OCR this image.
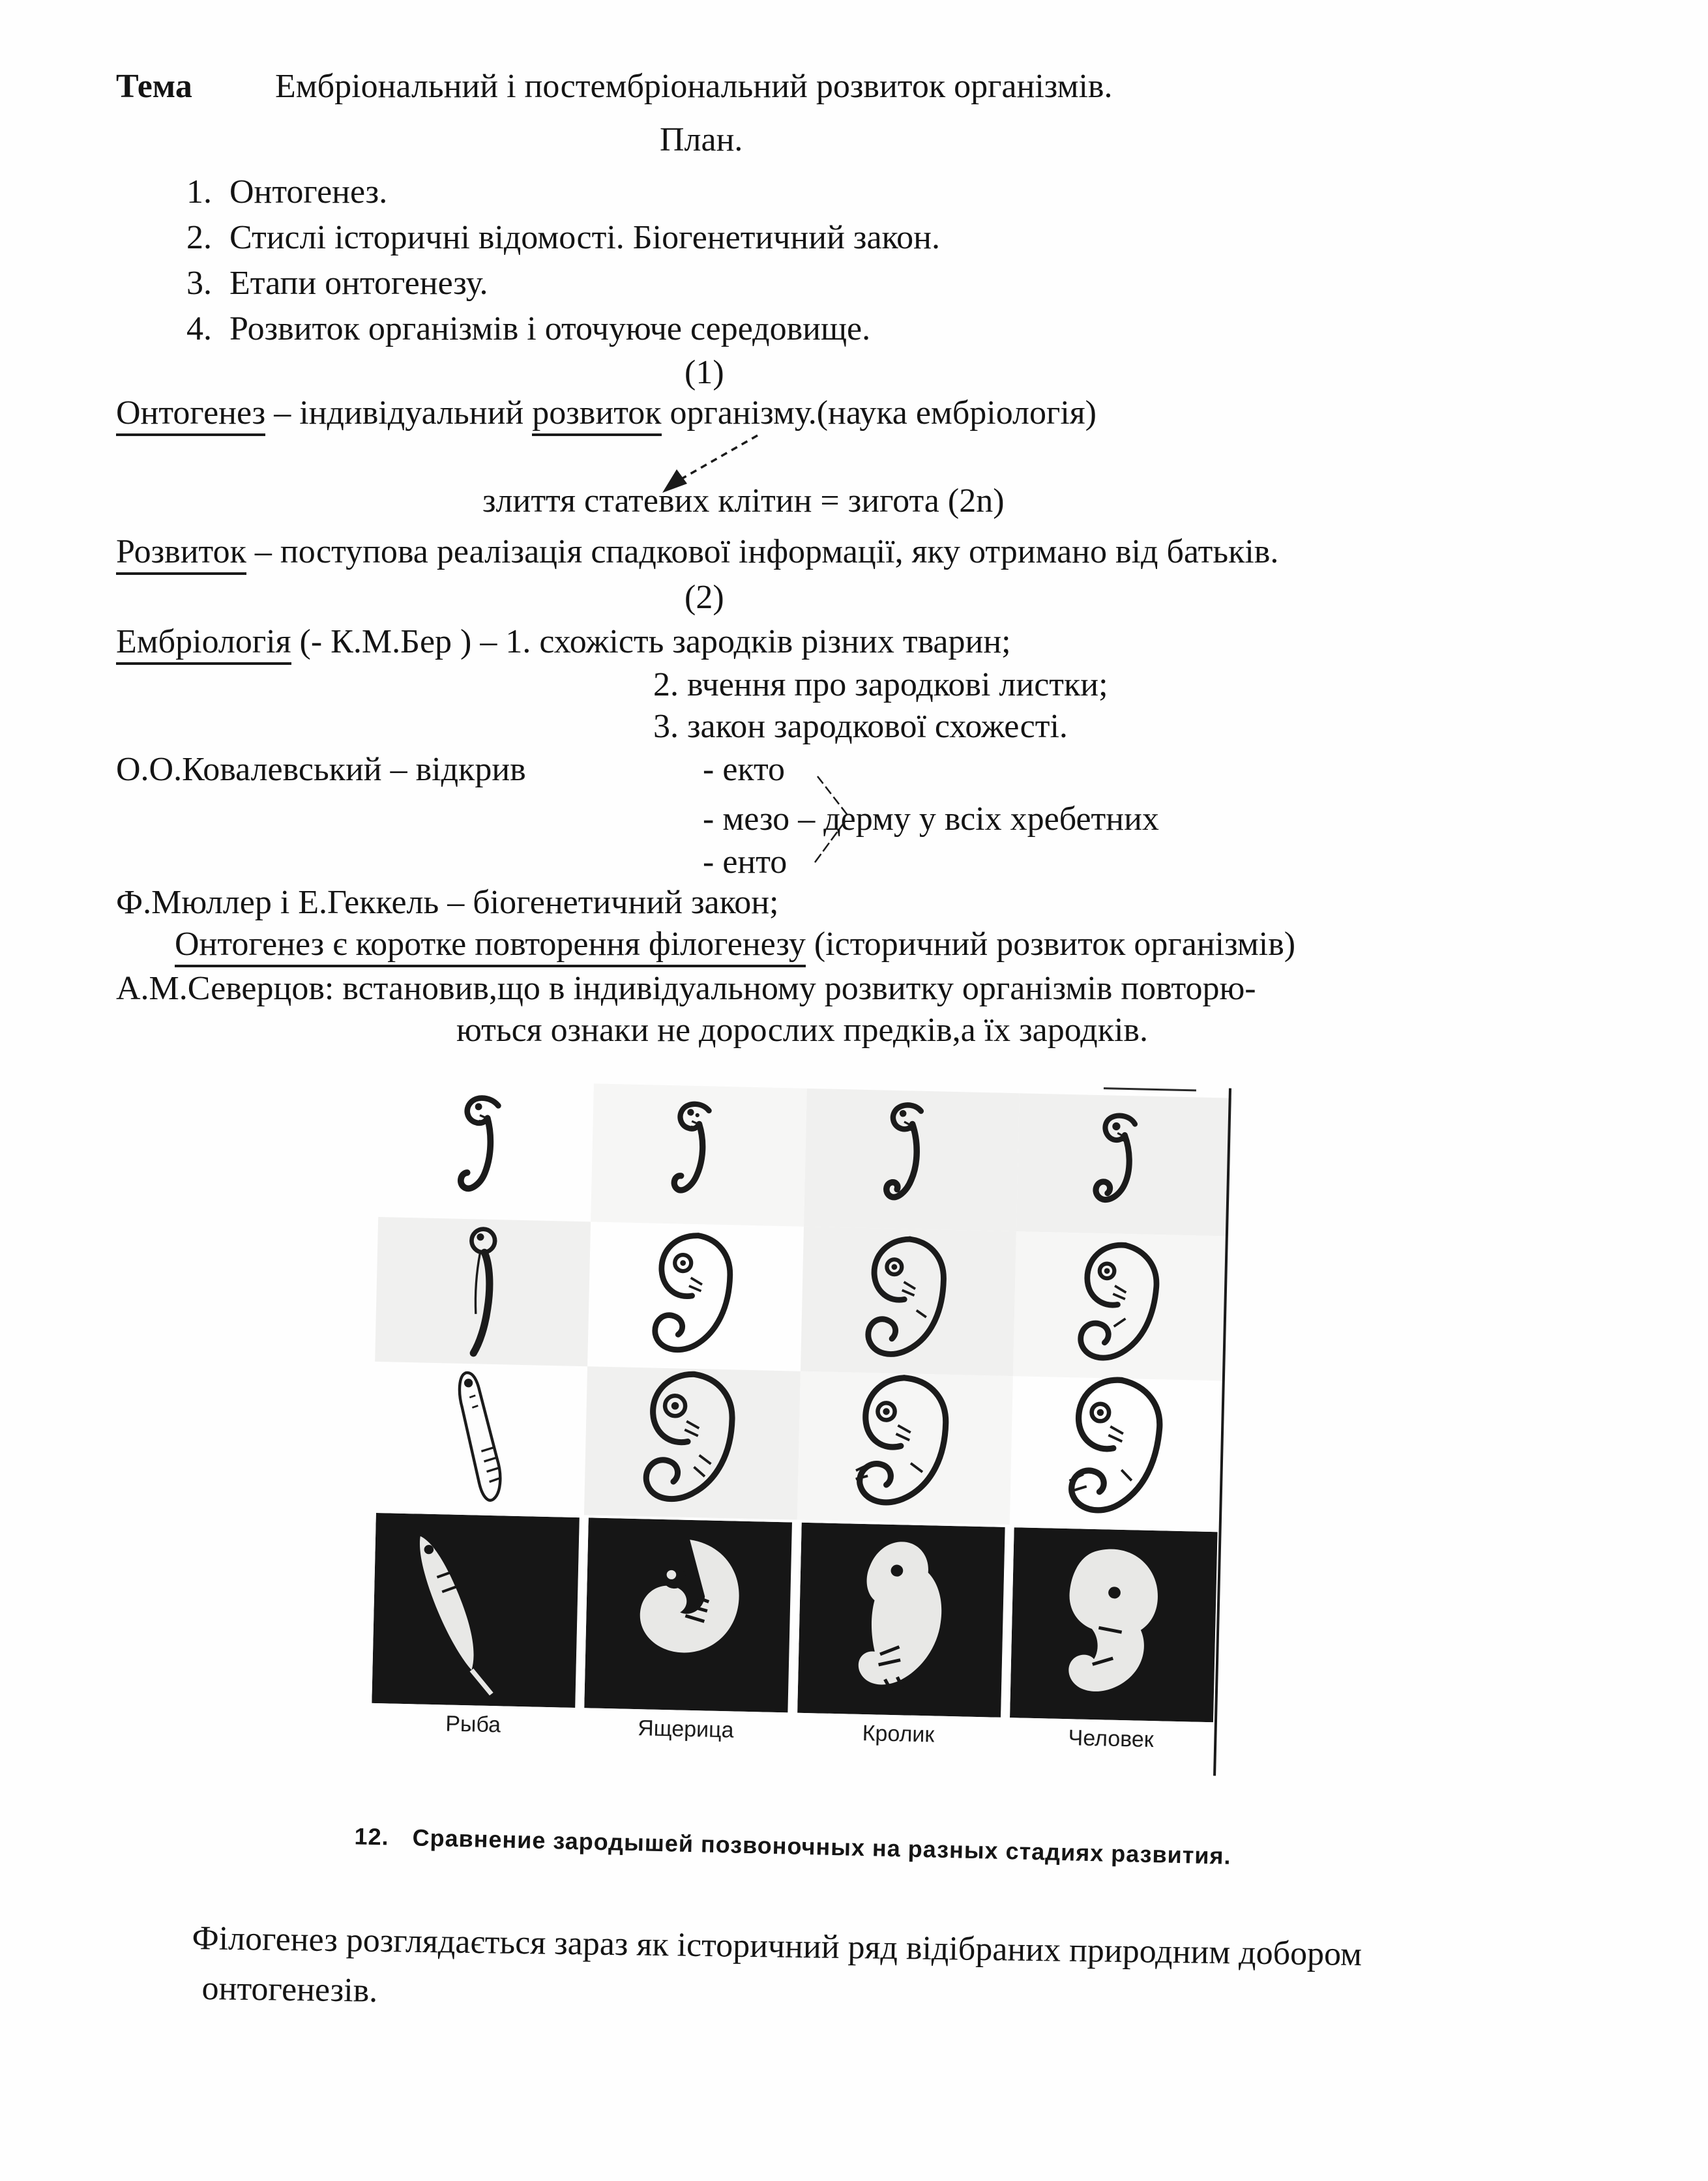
Тема Ембріональний і постембріональний розвиток організмів.
План.
1. Онтогенез.
2. Стислі історичні відомості. Біогенетичний закон.
3. Етапи онтогенезу.
4. Розвиток організмів і оточуюче середовище.
(1)
Онтогенез – індивідуальний розвиток організму.(наука ембріологія)
злиття статевих клітин = зигота (2n)
Розвиток – поступова реалізація спадкової інформації, яку отримано від батьків.
(2)
Ембріологія (- К.М.Бер ) – 1. схожість зародків різних тварин;
2. вчення про зародкові листки;
3. закон зародкової схожесті.
О.О.Ковалевський – відкрив	- екто
- мезо – дерму у всіх хребетних
- енто
Ф.Мюллер і Е.Геккель – біогенетичний закон;
Онтогенез є коротке повторення філогенезу (історичний розвиток організмів)
А.М.Северцов: встановив,що в індивідуальному розвитку організмів повторю-
ються ознаки не дорослих предків,а їх зародків.
Рыба	Ящерица	Кролик	Человек
12. Сравнение зародышей позвоночных на разных стадиях развития.
Філогенез розглядається зараз як історичний ряд відібраних природним добором
онтогенезів.
